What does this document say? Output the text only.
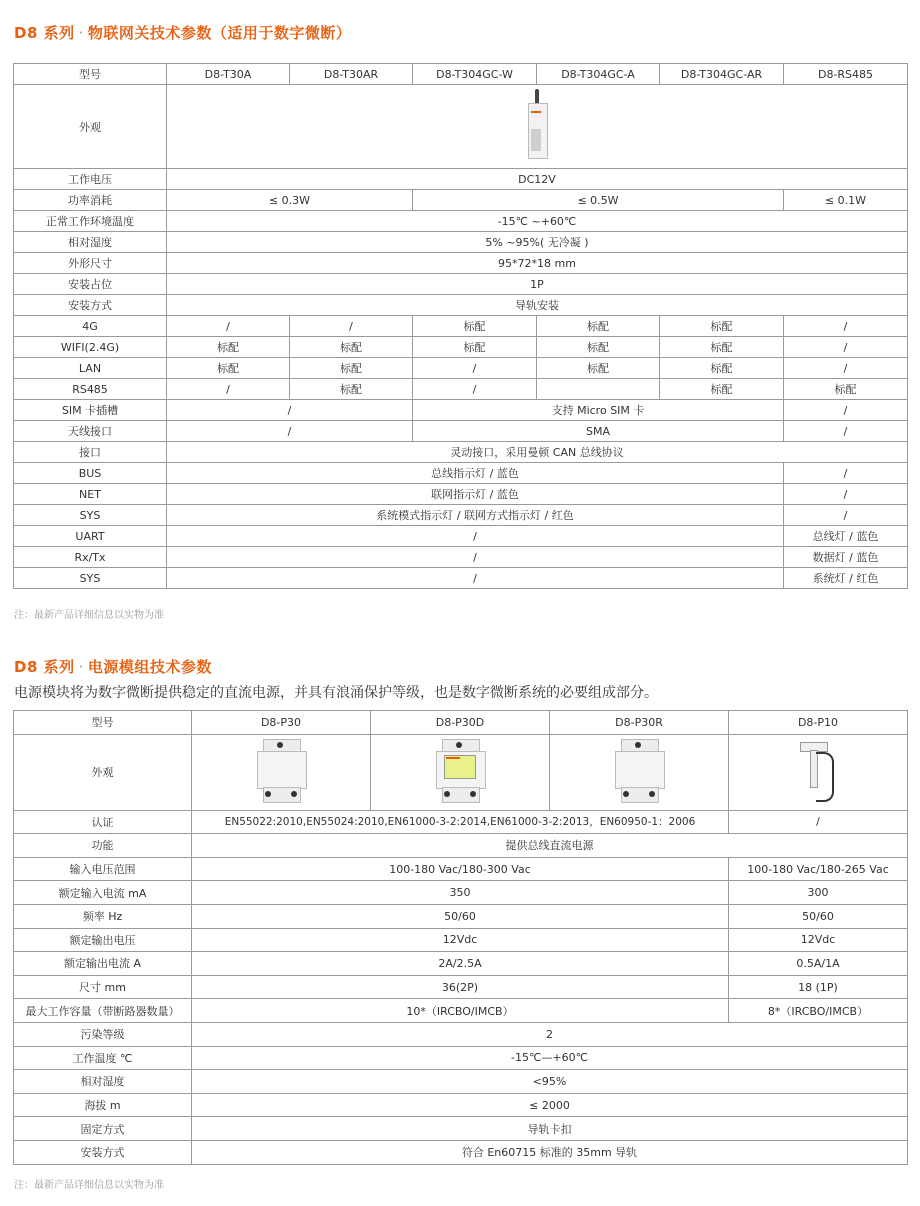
D8 系列 · 物联网关技术参数（适用于数字微断）
型号	D8-T30A	D8-T30AR	D8-T304GC-W	D8-T304GC-A	D8-T304GC-AR	D8-RS485
外观						

工作电压	DC12V					
功率消耗	≤ 0.3W		≤ 0.5W			≤ 0.1W
正常工作环境温度	-15℃ ~+60℃					
相对湿度	5% ~95%( 无冷凝 )					
外形尺寸	95*72*18 mm					
安装占位	1P					
安装方式	导轨安装					
4G	/	/	标配	标配	标配	/
WIFI(2.4G)	标配	标配	标配	标配	标配	/
LAN	标配	标配	/	标配	标配	/
RS485	/	标配	/		标配	标配
SIM 卡插槽	/		支持 Micro SIM 卡			/
天线接口	/		SMA			/
接口	灵动接口，采用曼顿 CAN 总线协议					
BUS	总线指示灯 / 蓝色					/
NET	联网指示灯 / 蓝色					/
SYS	系统模式指示灯 / 联网方式指示灯 / 红色					/
UART	/					总线灯 / 蓝色
Rx/Tx	/					数据灯 / 蓝色
SYS	/					系统灯 / 红色
注：最新产品详细信息以实物为准
D8 系列 · 电源模组技术参数
电源模块将为数字微断提供稳定的直流电源，并具有浪涌保护等级，也是数字微断系统的必要组成部分。
型号	D8-P30	D8-P30D	D8-P30R	D8-P10
外观	

认证	EN55022:2010,EN55024:2010,EN61000-3-2:2014,EN61000-3-2:2013，EN60950-1：2006			/
功能	提供总线直流电源			
输入电压范围	100-180 Vac/180-300 Vac			100-180 Vac/180-265 Vac
额定输入电流 mA	350			300
频率 Hz	50/60			50/60
额定输出电压	12Vdc			12Vdc
额定输出电流 A	2A/2.5A			0.5A/1A
尺寸 mm	36(2P)			18 (1P)
最大工作容量（带断路器数量）	10*（IRCBO/IMCB）			8*（IRCBO/IMCB）
污染等级	2			
工作温度 ℃	-15℃—+60℃			
相对湿度	<95%			
海拔 m	≤ 2000			
固定方式	导轨卡扣			
安装方式	符合 En60715 标准的 35mm 导轨			
注：最新产品详细信息以实物为准
